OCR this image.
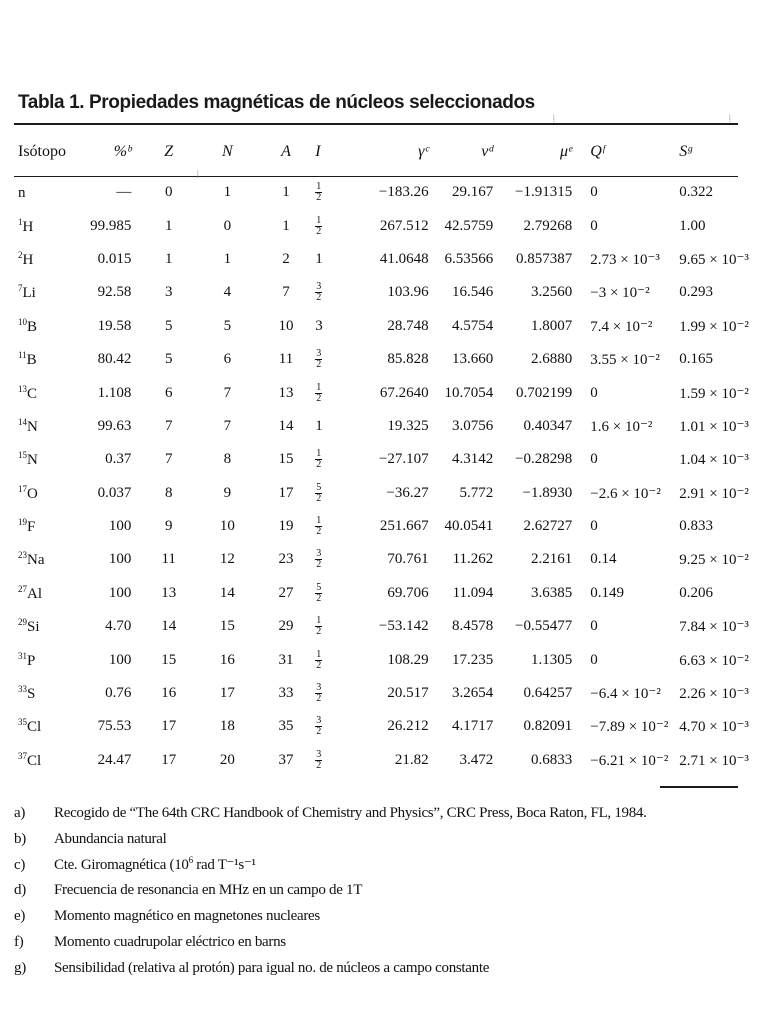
Tabla 1. Propiedades magnéticas de núcleos seleccionados
⁞	⁞
⁞
Isótopo	%ᵇ	Z	N	A	I	γᶜ	νᵈ	μᵉ	Qᶠ	Sᵍ
n	—	0	1	1	$\frac{1}{2}$	−183.26	29.167	−1.91315	0	0.322
$^1$H	99.985	1	0	1	$\frac{1}{2}$	267.512	42.5759	2.79268	0	1.00
$^2$H	0.015	1	1	2	1	41.0648	6.53566	0.857387	2.73 × 10⁻³	9.65 × 10⁻³
$^7$Li	92.58	3	4	7	$\frac{3}{2}$	103.96	16.546	3.2560	−3 × 10⁻²	0.293
$^{10}$B	19.58	5	5	10	3	28.748	4.5754	1.8007	7.4 × 10⁻²	1.99 × 10⁻²
$^{11}$B	80.42	5	6	11	$\frac{3}{2}$	85.828	13.660	2.6880	3.55 × 10⁻²	0.165
$^{13}$C	1.108	6	7	13	$\frac{1}{2}$	67.2640	10.7054	0.702199	0	1.59 × 10⁻²
$^{14}$N	99.63	7	7	14	1	19.325	3.0756	0.40347	1.6 × 10⁻²	1.01 × 10⁻³
$^{15}$N	0.37	7	8	15	$\frac{1}{2}$	−27.107	4.3142	−0.28298	0	1.04 × 10⁻³
$^{17}$O	0.037	8	9	17	$\frac{5}{2}$	−36.27	5.772	−1.8930	−2.6 × 10⁻²	2.91 × 10⁻²
$^{19}$F	100	9	10	19	$\frac{1}{2}$	251.667	40.0541	2.62727	0	0.833
$^{23}$Na	100	11	12	23	$\frac{3}{2}$	70.761	11.262	2.2161	0.14	9.25 × 10⁻²
$^{27}$Al	100	13	14	27	$\frac{5}{2}$	69.706	11.094	3.6385	0.149	0.206
$^{29}$Si	4.70	14	15	29	$\frac{1}{2}$	−53.142	8.4578	−0.55477	0	7.84 × 10⁻³
$^{31}$P	100	15	16	31	$\frac{1}{2}$	108.29	17.235	1.1305	0	6.63 × 10⁻²
$^{33}$S	0.76	16	17	33	$\frac{3}{2}$	20.517	3.2654	0.64257	−6.4 × 10⁻²	2.26 × 10⁻³
$^{35}$Cl	75.53	17	18	35	$\frac{3}{2}$	26.212	4.1717	0.82091	−7.89 × 10⁻²	4.70 × 10⁻³
$^{37}$Cl	24.47	17	20	37	$\frac{3}{2}$	21.82	3.472	0.6833	−6.21 × 10⁻²	2.71 × 10⁻³
a) Recogido de “The 64th CRC Handbook of Chemistry and Physics”, CRC Press, Boca Raton, FL, 1984.
b) Abundancia natural
c) Cte. Giromagnética ($10^6$ rad T⁻¹s⁻¹
d) Frecuencia de resonancia en MHz en un campo de 1T
e) Momento magnético en magnetones nucleares
f) Momento cuadrupolar eléctrico en barns
g) Sensibilidad (relativa al protón) para igual no. de núcleos a campo constante
